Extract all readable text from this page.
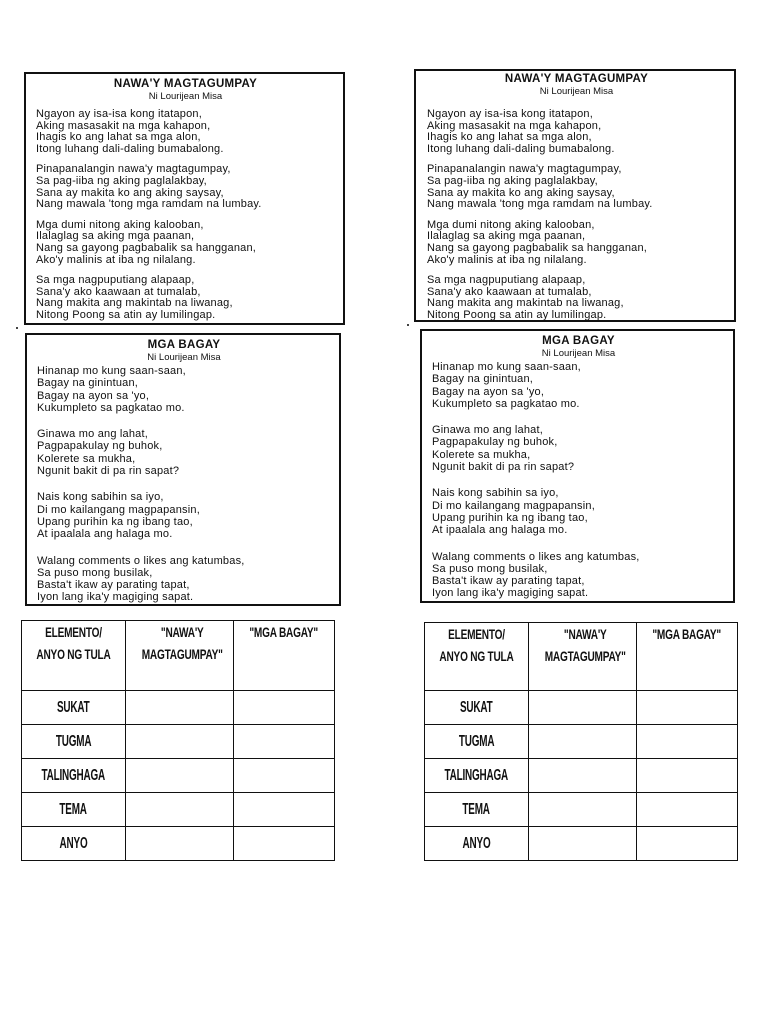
NAWA'Y MAGTAGUMPAY
Ni Lourijean Misa
Ngayon ay isa-isa kong itatapon,
Aking masasakit na mga kahapon,
Ihagis ko ang lahat sa mga alon,
Itong luhang dali-daling bumabalong.
Pinapanalangin nawa'y magtagumpay,
Sa pag-iiba ng aking paglalakbay,
Sana ay makita ko ang aking saysay,
Nang mawala 'tong mga ramdam na lumbay.
Mga dumi nitong aking kalooban,
Ilalaglag sa aking mga paanan,
Nang sa gayong pagbabalik sa hangganan,
Ako'y malinis at iba ng nilalang.
Sa mga nagpuputiang alapaap,
Sana'y ako kaawaan at tumalab,
Nang makita ang makintab na liwanag,
Nitong Poong sa atin ay lumilingap.
NAWA'Y MAGTAGUMPAY
Ni Lourijean Misa
Ngayon ay isa-isa kong itatapon,
Aking masasakit na mga kahapon,
Ihagis ko ang lahat sa mga alon,
Itong luhang dali-daling bumabalong.
Pinapanalangin nawa'y magtagumpay,
Sa pag-iiba ng aking paglalakbay,
Sana ay makita ko ang aking saysay,
Nang mawala 'tong mga ramdam na lumbay.
Mga dumi nitong aking kalooban,
Ilalaglag sa aking mga paanan,
Nang sa gayong pagbabalik sa hangganan,
Ako'y malinis at iba ng nilalang.
Sa mga nagpuputiang alapaap,
Sana'y ako kaawaan at tumalab,
Nang makita ang makintab na liwanag,
Nitong Poong sa atin ay lumilingap.
MGA BAGAY
Ni Lourijean Misa
Hinanap mo kung saan-saan,
Bagay na ginintuan,
Bagay na ayon sa 'yo,
Kukumpleto sa pagkatao mo.
Ginawa mo ang lahat,
Pagpapakulay ng buhok,
Kolerete sa mukha,
Ngunit bakit di pa rin sapat?
Nais kong sabihin sa iyo,
Di mo kailangang magpapansin,
Upang purihin ka ng ibang tao,
At ipaalala ang halaga mo.
Walang comments o likes ang katumbas,
Sa puso mong busilak,
Basta't ikaw ay parating tapat,
Iyon lang ika'y magiging sapat.
MGA BAGAY
Ni Lourijean Misa
Hinanap mo kung saan-saan,
Bagay na ginintuan,
Bagay na ayon sa 'yo,
Kukumpleto sa pagkatao mo.
Ginawa mo ang lahat,
Pagpapakulay ng buhok,
Kolerete sa mukha,
Ngunit bakit di pa rin sapat?
Nais kong sabihin sa iyo,
Di mo kailangang magpapansin,
Upang purihin ka ng ibang tao,
At ipaalala ang halaga mo.
Walang comments o likes ang katumbas,
Sa puso mong busilak,
Basta't ikaw ay parating tapat,
Iyon lang ika'y magiging sapat.
ELEMENTO/ ANYO NG TULA	"NAWA'Y MAGTAGUMPAY"	"MGA BAGAY"
SUKAT		
TUGMA		
TALINGHAGA		
TEMA		
ANYO		
ELEMENTO/ ANYO NG TULA	"NAWA'Y MAGTAGUMPAY"	"MGA BAGAY"
SUKAT		
TUGMA		
TALINGHAGA		
TEMA		
ANYO		
